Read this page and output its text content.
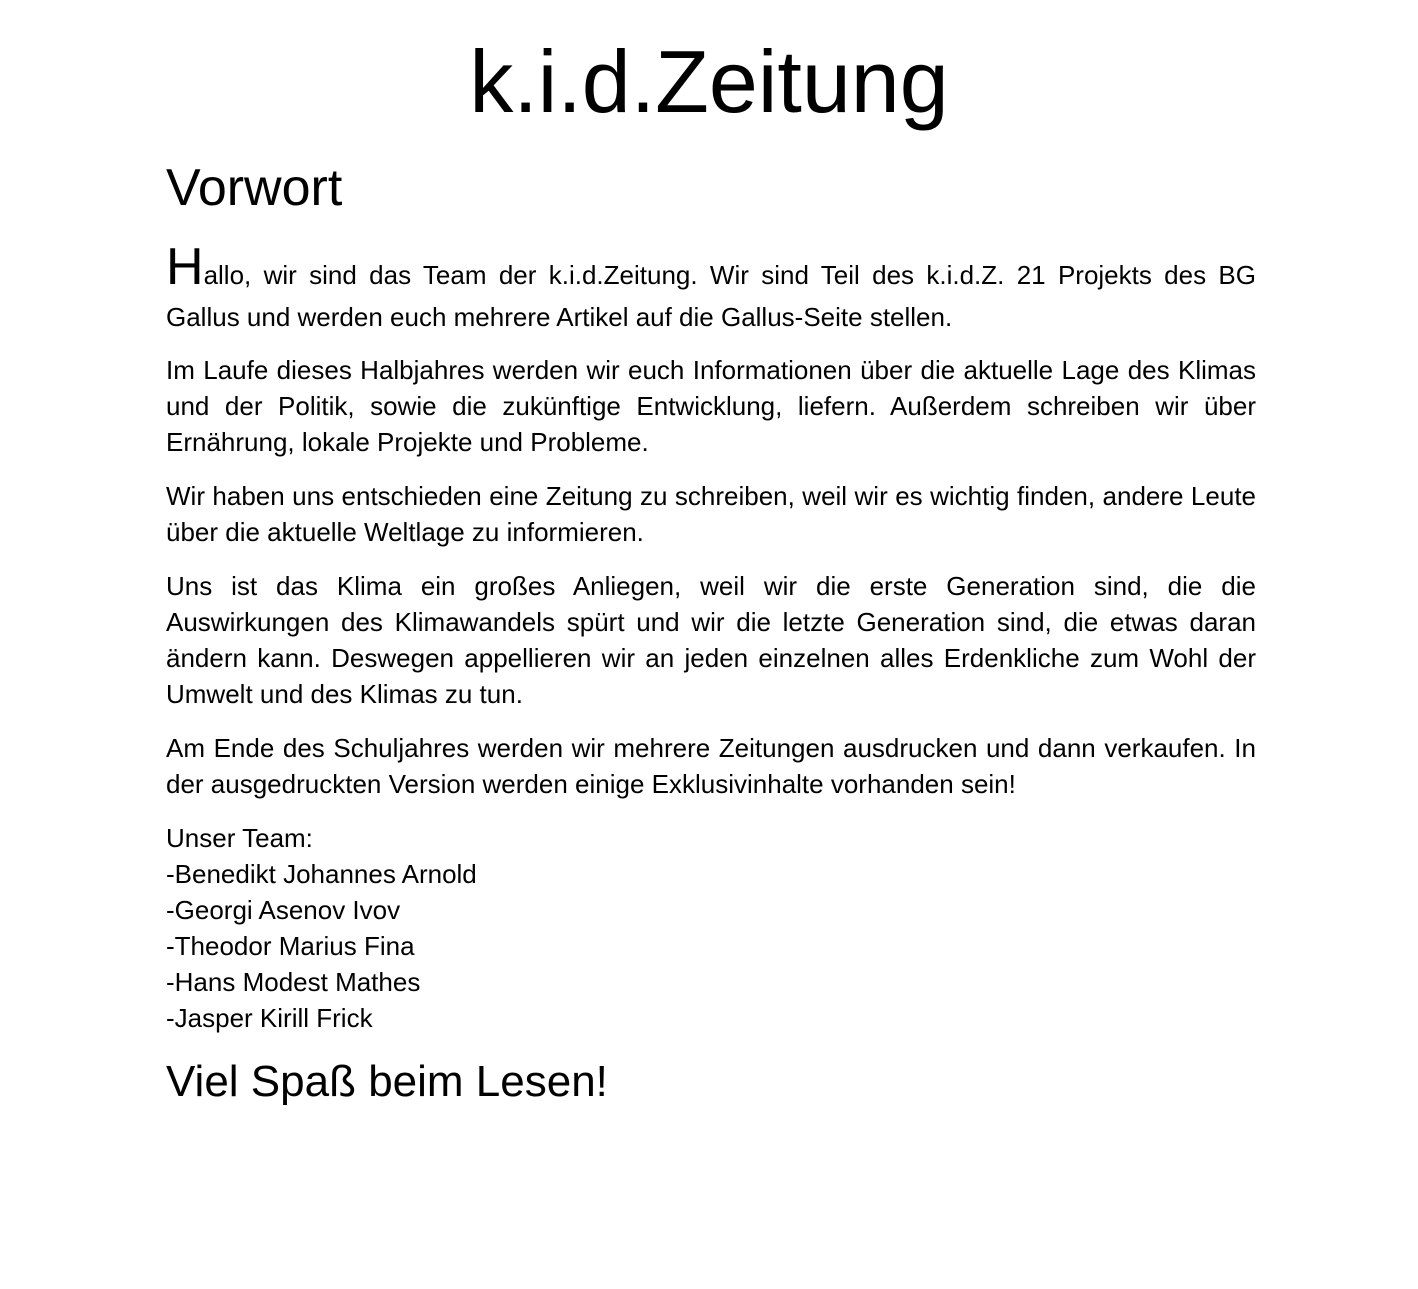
k.i.d.Zeitung
Vorwort

Hallo, wir sind das Team der k.i.d.Zeitung. Wir sind Teil des k.i.d.Z. 21 Projekts des BG Gallus und werden euch mehrere Artikel auf die Gallus-Seite stellen.

Im Laufe dieses Halbjahres werden wir euch Informationen über die aktuelle Lage des Klimas und der Politik, sowie die zukünftige Entwicklung, liefern. Außerdem schreiben wir über Ernährung, lokale Projekte und Probleme.

Wir haben uns entschieden eine Zeitung zu schreiben, weil wir es wichtig finden, andere Leute über die aktuelle Weltlage zu informieren.

Uns ist das Klima ein großes Anliegen, weil wir die erste Generation sind, die die Auswirkungen des Klimawandels spürt und wir die letzte Generation sind, die etwas daran ändern kann. Deswegen appellieren wir an jeden einzelnen alles Erdenkliche zum Wohl der Umwelt und des Klimas zu tun.

Am Ende des Schuljahres werden wir mehrere Zeitungen ausdrucken und dann verkaufen. In der ausgedruckten Version werden einige Exklusivinhalte vorhanden sein!

Unser Team:
-Benedikt Johannes Arnold
-Georgi Asenov Ivov
-Theodor Marius Fina
-Hans Modest Mathes
-Jasper Kirill Frick
Viel Spaß beim Lesen!
